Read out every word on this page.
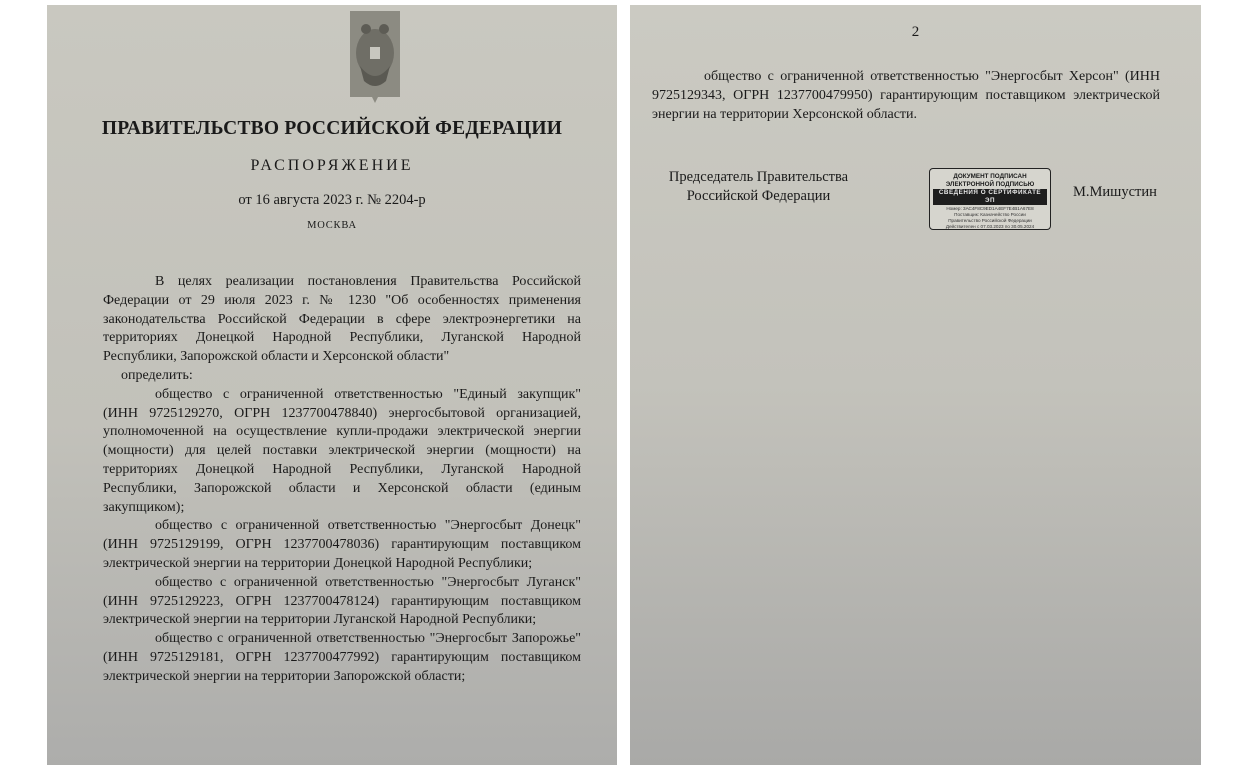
ПРАВИТЕЛЬСТВО РОССИЙСКОЙ ФЕДЕРАЦИИ
РАСПОРЯЖЕНИЕ
от 16 августа 2023 г. № 2204-р
МОСКВА

В целях реализации постановления Правительства Российской Федерации от 29 июля 2023 г. № 1230 "Об особенностях применения законодательства Российской Федерации в сфере электроэнергетики на территориях Донецкой Народной Республики, Луганской Народной Республики, Запорожской области и Херсонской области"

определить:

общество с ограниченной ответственностью "Единый закупщик" (ИНН 9725129270, ОГРН 1237700478840) энергосбытовой организацией, уполномоченной на осуществление купли-продажи электрической энергии (мощности) для целей поставки электрической энергии (мощности) на территориях Донецкой Народной Республики, Луганской Народной Республики, Запорожской области и Херсонской области (единым закупщиком);

общество с ограниченной ответственностью "Энергосбыт Донецк" (ИНН 9725129199, ОГРН 1237700478036) гарантирующим поставщиком электрической энергии на территории Донецкой Народной Республики;

общество с ограниченной ответственностью "Энергосбыт Луганск" (ИНН 9725129223, ОГРН 1237700478124) гарантирующим поставщиком электрической энергии на территории Луганской Народной Республики;

общество с ограниченной ответственностью "Энергосбыт Запорожье" (ИНН 9725129181, ОГРН 1237700477992) гарантирующим поставщиком электрической энергии на территории Запорожской области;

2

общество с ограниченной ответственностью "Энергосбыт Херсон" (ИНН 9725129343, ОГРН 1237700479950) гарантирующим поставщиком электрической энергии на территории Херсонской области.

Председатель Правительства
Российской Федерации
ДОКУМЕНТ ПОДПИСАН
ЭЛЕКТРОННОЙ ПОДПИСЬЮ
СВЕДЕНИЯ О СЕРТИФИКАТЕ ЭП
Номер: 3АС4F8С9ЕD1А4ЕF7Е4В1А67E8
Поставщик: Казначейство России
Правительство Российской Федерации
Действителен с 07.03.2023 по 30.05.2024
М.Мишустин
